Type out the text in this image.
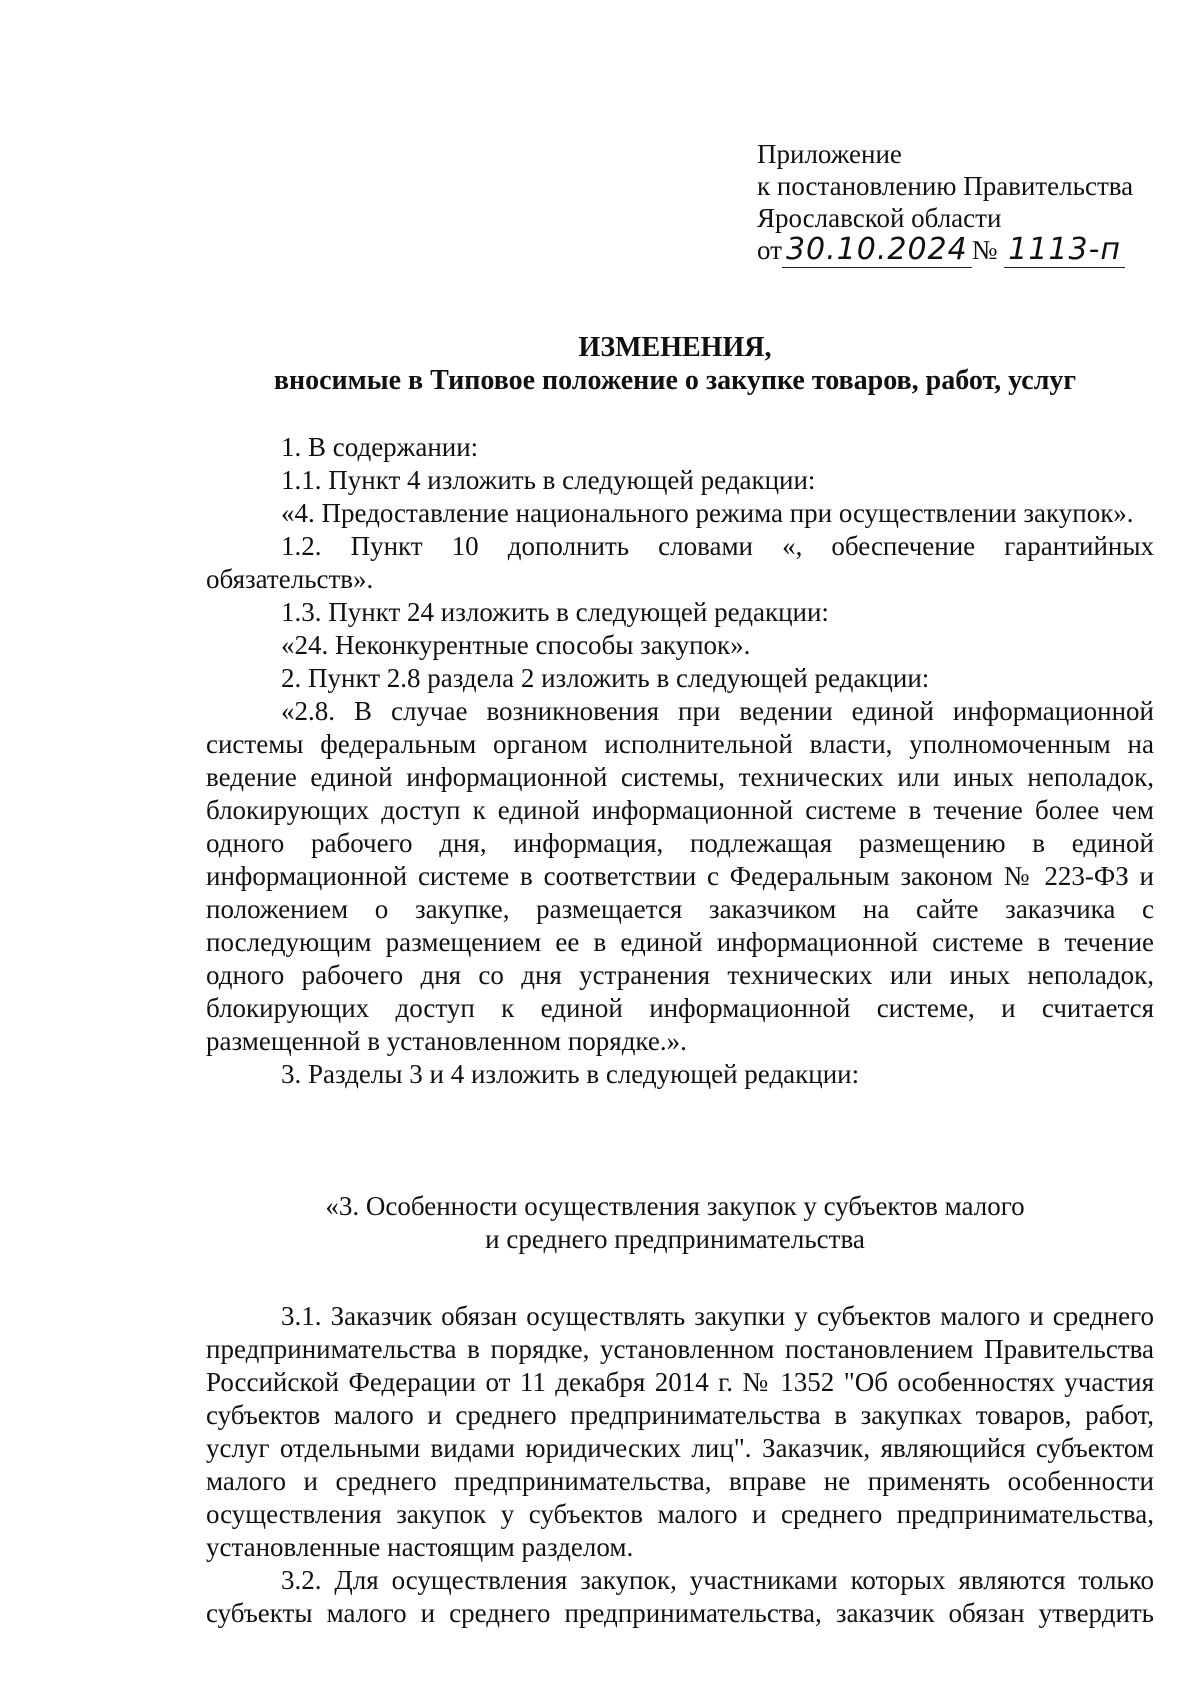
Приложение
к постановлению Правительства
Ярославской области
от 30.10.2024 № 1113-п
ИЗМЕНЕНИЯ,
вносимые в Типовое положение о закупке товаров, работ, услуг

1. В содержании:

1.1. Пункт 4 изложить в следующей редакции:

«4. Предоставление национального режима при осуществлении закупок».

1.2. Пункт 10 дополнить словами «, обеспечение гарантийных обязательств».

1.3. Пункт 24 изложить в следующей редакции:

«24. Неконкурентные способы закупок».

2. Пункт 2.8 раздела 2 изложить в следующей редакции:

«2.8. В случае возникновения при ведении единой информационной системы федеральным органом исполнительной власти, уполномоченным на ведение единой информационной системы, технических или иных неполадок, блокирующих доступ к единой информационной системе в течение более чем одного рабочего дня, информация, подлежащая размещению в единой информационной системе в соответствии с Федеральным законом № 223-ФЗ и положением о закупке, размещается заказчиком на сайте заказчика с последующим размещением ее в единой информационной системе в течение одного рабочего дня со дня устранения технических или иных неполадок, блокирующих доступ к единой информационной системе, и считается размещенной в установленном порядке.».

3. Разделы 3 и 4 изложить в следующей редакции:

«3. Особенности осуществления закупок у субъектов малого

и среднего предпринимательства

3.1. Заказчик обязан осуществлять закупки у субъектов малого и среднего предпринимательства в порядке, установленном постановлением Правительства Российской Федерации от 11 декабря 2014 г. № 1352 "Об особенностях участия субъектов малого и среднего предпринимательства в закупках товаров, работ, услуг отдельными видами юридических лиц". Заказчик, являющийся субъектом малого и среднего предпринимательства, вправе не применять особенности осуществления закупок у субъектов малого и среднего предпринимательства, установленные настоящим разделом.

3.2. Для осуществления закупок, участниками которых являются только субъекты малого и среднего предпринимательства, заказчик обязан утвердить
